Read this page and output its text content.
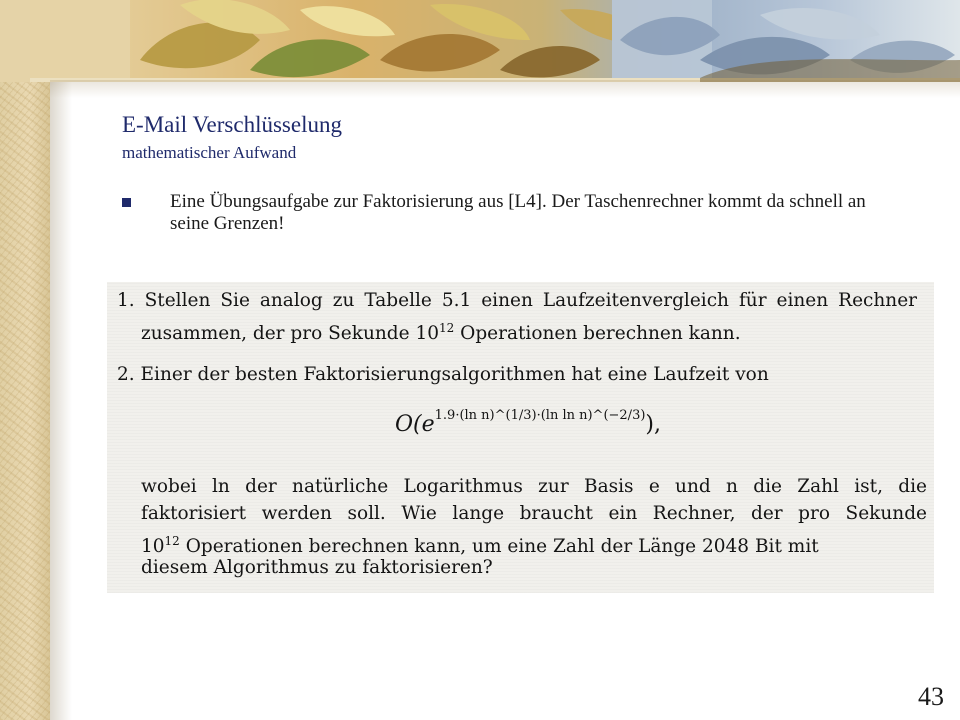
E-Mail Verschlüsselung
mathematischer Aufwand
Eine Übungsaufgabe zur Faktorisierung aus [L4]. Der Taschenrechner kommt da schnell an seine Grenzen!
1. Stellen Sie analog zu Tabelle 5.1 einen Laufzeitenvergleich für einen Rechner
zusammen, der pro Sekunde $10^{12}$ Operationen berechnen kann.
2. Einer der besten Faktorisierungsalgorithmen hat eine Laufzeit von
$O(e^{1.9\cdot(ln n)\^{}(1/3)\cdot(ln ln n)\^{}(-2/3)})$,
wobei ln der natürliche Logarithmus zur Basis e und n die Zahl ist, die
faktorisiert werden soll. Wie lange braucht ein Rechner, der pro Sekunde
$10^{12}$ Operationen berechnen kann, um eine Zahl der Länge 2048 Bit mit
diesem Algorithmus zu faktorisieren?
43
